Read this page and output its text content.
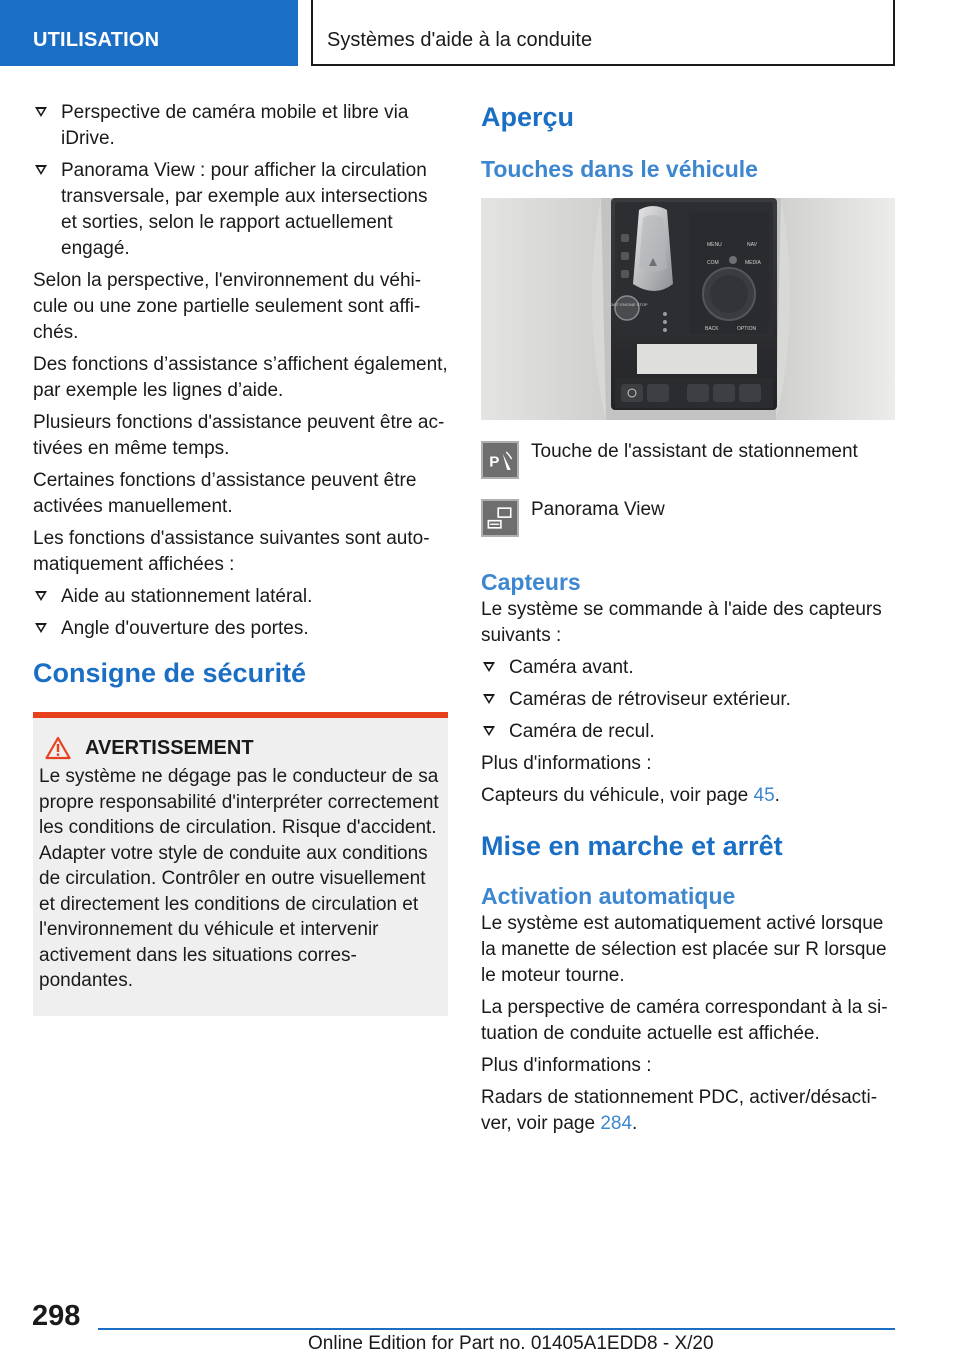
UTILISATION	Systèmes d'aide à la conduite
Perspective de caméra mobile et libre via iDrive.
Panorama View : pour afficher la circulation transversale, par exemple aux intersections et sorties, selon le rapport actuellement engagé.

Selon la perspective, l'environnement du véhicule ou une zone partielle seulement sont affichés.

Des fonctions d’assistance s’affichent également, par exemple les lignes d’aide.

Plusieurs fonctions d'assistance peuvent être activées en même temps.

Certaines fonctions d’assistance peuvent être activées manuellement.

Les fonctions d'assistance suivantes sont automatiquement affichées :

Aide au stationnement latéral.
Angle d'ouverture des portes.
Consigne de sécurité
AVERTISSEMENT

Le système ne dégage pas le conducteur de sa propre responsabilité d'interpréter correctement les conditions de circulation. Risque d'accident. Adapter votre style de conduite aux conditions de circulation. Contrôler en outre visuellement et directement les conditions de circulation et l'environnement du véhicule et intervenir activement dans les situations correspondantes.

Aperçu
Touches dans le véhicule
START ENGINE STOP
MENU	NAV
COM	MEDIA
BACK	OPTION
P Touche de l'assistant de stationnement
Panorama View
Capteurs

Le système se commande à l'aide des capteurs suivants :

Caméra avant.
Caméras de rétroviseur extérieur.
Caméra de recul.

Plus d'informations :

Capteurs du véhicule, voir page 45.

Mise en marche et arrêt
Activation automatique

Le système est automatiquement activé lorsque la manette de sélection est placée sur R lorsque le moteur tourne.

La perspective de caméra correspondant à la situation de conduite actuelle est affichée.

Plus d'informations :

Radars de stationnement PDC, activer/désactiver, voir page 284.

298
Online Edition for Part no. 01405A1EDD8 - X/20
